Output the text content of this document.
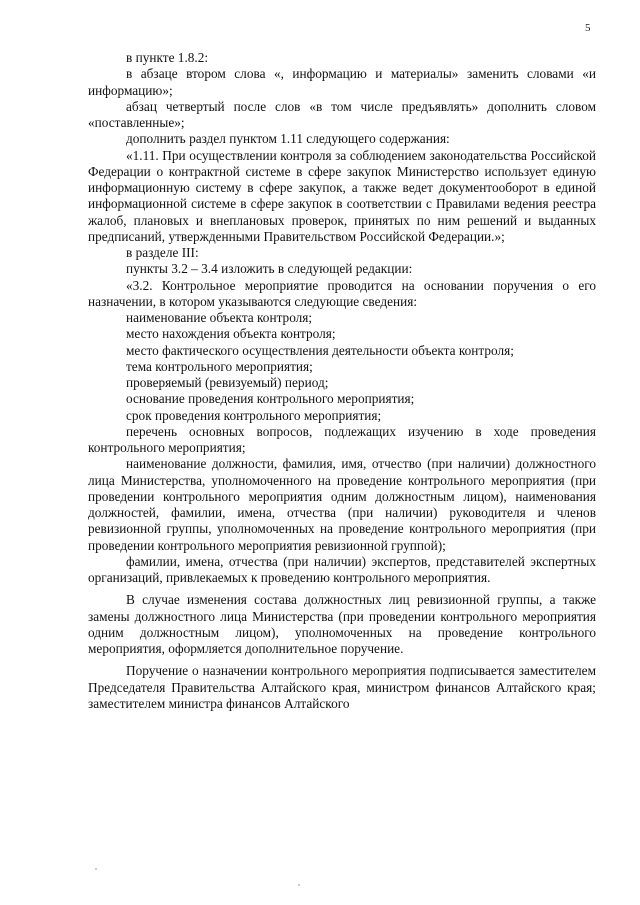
5

в пункте 1.8.2:

в абзаце втором слова «, информацию и материалы» заменить словами «и информацию»;

абзац четвертый после слов «в том числе предъявлять» дополнить словом «поставленные»;

дополнить раздел пунктом 1.11 следующего содержания:

«1.11. При осуществлении контроля за соблюдением законодательства Российской Федерации о контрактной системе в сфере закупок Министерство использует единую информационную систему в сфере закупок, а также ведет документооборот в единой информационной системе в сфере закупок в соответствии с Правилами ведения реестра жалоб, плановых и внеплановых проверок, принятых по ним решений и выданных предписаний, утвержденными Правительством Российской Федерации.»;

в разделе III:

пункты 3.2 – 3.4 изложить в следующей редакции:

«3.2. Контрольное мероприятие проводится на основании поручения о его назначении, в котором указываются следующие сведения:

наименование объекта контроля;

место нахождения объекта контроля;

место фактического осуществления деятельности объекта контроля;

тема контрольного мероприятия;

проверяемый (ревизуемый) период;

основание проведения контрольного мероприятия;

срок проведения контрольного мероприятия;

перечень основных вопросов, подлежащих изучению в ходе проведения контрольного мероприятия;

наименование должности, фамилия, имя, отчество (при наличии) должностного лица Министерства, уполномоченного на проведение контрольного мероприятия (при проведении контрольного мероприятия одним должностным лицом), наименования должностей, фамилии, имена, отчества (при наличии) руководителя и членов ревизионной группы, уполномоченных на проведение контрольного мероприятия (при проведении контрольного мероприятия ревизионной группой);

фамилии, имена, отчества (при наличии) экспертов, представителей экспертных организаций, привлекаемых к проведению контрольного мероприятия.

В случае изменения состава должностных лиц ревизионной группы, а также замены должностного лица Министерства (при проведении контрольного мероприятия одним должностным лицом), уполномоченных на проведение контрольного мероприятия, оформляется дополнительное поручение.

Поручение о назначении контрольного мероприятия подписывается заместителем Председателя Правительства Алтайского края, министром финансов Алтайского края; заместителем министра финансов Алтайского
